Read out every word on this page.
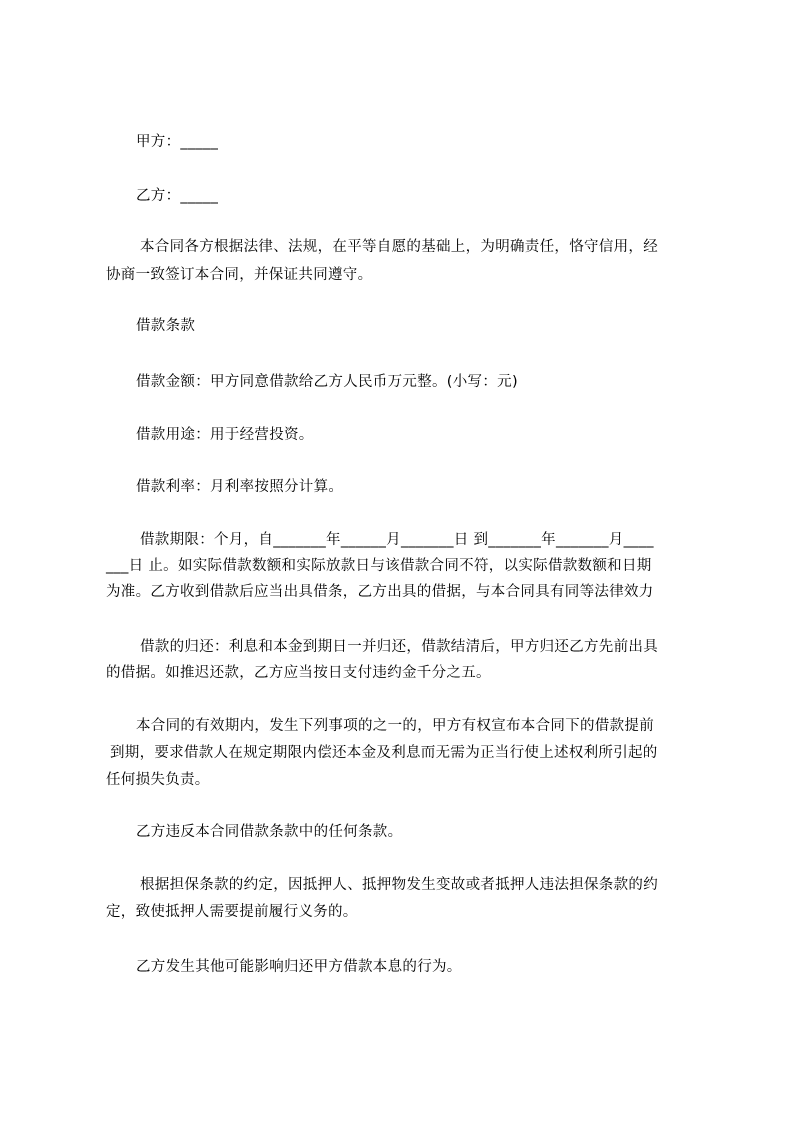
甲方：_____
乙方：_____
本合同各方根据法律、法规，在平等自愿的基础上，为明确责任，恪守信用，经
协商一致签订本合同，并保证共同遵守。
借款条款
借款金额：甲方同意借款给乙方人民币万元整。(小写：元)
借款用途：用于经营投资。
借款利率：月利率按照分计算。
借款期限：个月，自_______年______月_______日 到_______年_______月____
___日 止。如实际借款数额和实际放款日与该借款合同不符，以实际借款数额和日期
为准。乙方收到借款后应当出具借条，乙方出具的借据，与本合同具有同等法律效力
借款的归还：利息和本金到期日一并归还，借款结清后，甲方归还乙方先前出具
的借据。如推迟还款，乙方应当按日支付违约金千分之五。
本合同的有效期内，发生下列事项的之一的，甲方有权宣布本合同下的借款提前
到期，要求借款人在规定期限内偿还本金及利息而无需为正当行使上述权利所引起的
任何损失负责。
乙方违反本合同借款条款中的任何条款。
根据担保条款的约定，因抵押人、抵押物发生变故或者抵押人违法担保条款的约
定，致使抵押人需要提前履行义务的。
乙方发生其他可能影响归还甲方借款本息的行为。
